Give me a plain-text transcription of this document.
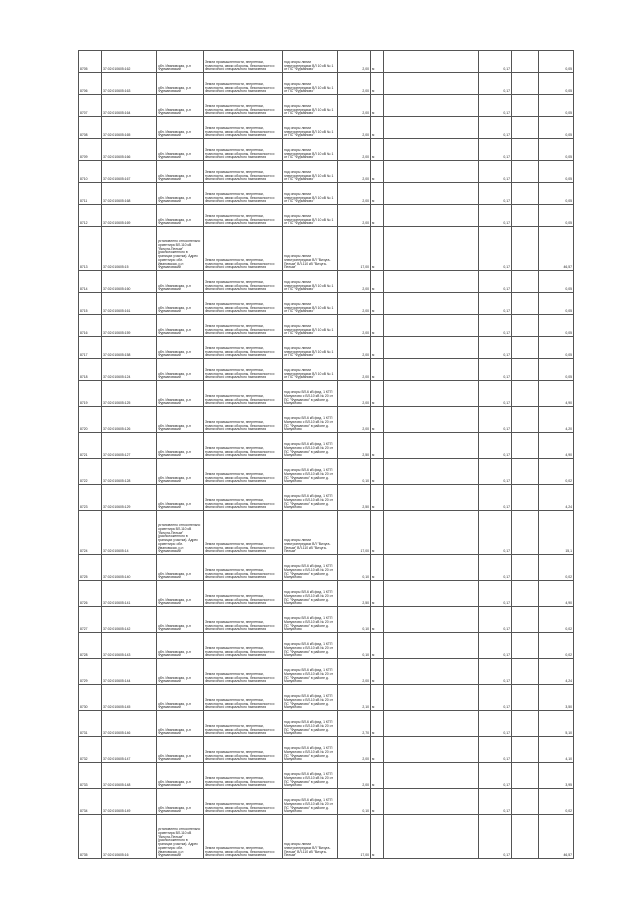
8705	37:02:010605:162	обл. Ивановская, р-н Фурмановский	Земли промышленности, энергетики, транспорта, связи обороны, безопасности и земли иного специального назначения	под опоры линии электропередачи ВЛ 10 кВ № 1 от ПС "Фурманово"	2,00	м		0,17		0,05
8706	37:02:010605:163	обл. Ивановская, р-н Фурмановский	Земли промышленности, энергетики, транспорта, связи обороны, безопасности и земли иного специального назначения	под опоры линии электропередачи ВЛ 10 кВ № 1 от ПС "Фурманово"	2,00	м		0,17		0,05
8707	37:02:010605:164	обл. Ивановская, р-н Фурмановский	Земли промышленности, энергетики, транспорта, связи обороны, безопасности и земли иного специального назначения	под опоры линии электропередачи ВЛ 10 кВ № 1 от ПС "Фурманово"	2,00	м		0,17		0,05
8708	37:02:010605:165	обл. Ивановская, р-н Фурмановский	Земли промышленности, энергетики, транспорта, связи обороны, безопасности и земли иного специального назначения	под опоры линии электропередачи ВЛ 10 кВ № 1 от ПС "Фурманово"	2,00	м		0,17		0,05
8709	37:02:010605:166	обл. Ивановская, р-н Фурмановский	Земли промышленности, энергетики, транспорта, связи обороны, безопасности и земли иного специального назначения	под опоры линии электропередачи ВЛ 10 кВ № 1 от ПС "Фурманово"	2,00	м		0,17		0,05
8710	37:02:010605:167	обл. Ивановская, р-н Фурмановский	Земли промышленности, энергетики, транспорта, связи обороны, безопасности и земли иного специального назначения	под опоры линии электропередачи ВЛ 10 кВ № 1 от ПС "Фурманово"	2,00	м		0,17		0,05
8711	37:02:010605:168	обл. Ивановская, р-н Фурмановский	Земли промышленности, энергетики, транспорта, связи обороны, безопасности и земли иного специального назначения	под опоры линии электропередачи ВЛ 10 кВ № 1 от ПС "Фурманово"	2,00	м		0,17		0,05
8712	37:02:010605:169	обл. Ивановская, р-н Фурмановский	Земли промышленности, энергетики, транспорта, связи обороны, безопасности и земли иного специального назначения	под опоры линии электропередачи ВЛ 10 кВ № 1 от ПС "Фурманово"	2,00	м		0,17		0,05
8713	37:02:010605:15	установлено относительно ориентира ВЛ-110 кВ "Вичуга-Пелым" (расположенного в границах участка). Адрес ориентира: обл. Ивановская, р-н Фурмановский	Земли промышленности, энергетики, транспорта, связи обороны, безопасности и земли иного специального назначения	под опоры линии электропередачи ВЛ "Вичуга-Пелым" ВЛ-110 кВ "Вичуга-Пелым"	17,00	м		0,17		46,57
8714	37:02:010605:160	обл. Ивановская, р-н Фурмановский	Земли промышленности, энергетики, транспорта, связи обороны, безопасности и земли иного специального назначения	под опоры линии электропередачи ВЛ 10 кВ № 1 от ПС "Фурманово"	2,00	м		0,17		0,05
8715	37:02:010605:161	обл. Ивановская, р-н Фурмановский	Земли промышленности, энергетики, транспорта, связи обороны, безопасности и земли иного специального назначения	под опоры линии электропередачи ВЛ 10 кВ № 1 от ПС "Фурманово"	2,00	м		0,17		0,05
8716	37:02:010605:159	обл. Ивановская, р-н Фурмановский	Земли промышленности, энергетики, транспорта, связи обороны, безопасности и земли иного специального назначения	под опоры линии электропередачи ВЛ 10 кВ № 1 от ПС "Фурманово"	2,00	м		0,17		0,05
8717	37:02:010605:158	обл. Ивановская, р-н Фурмановский	Земли промышленности, энергетики, транспорта, связи обороны, безопасности и земли иного специального назначения	под опоры линии электропередачи ВЛ 10 кВ № 1 от ПС "Фурманово"	2,00	м		0,17		0,05
8718	37:02:010605:124	обл. Ивановская, р-н Фурмановский	Земли промышленности, энергетики, транспорта, связи обороны, безопасности и земли иного специального назначения	под опоры линии электропередачи ВЛ 10 кВ № 1 от ПС "Фурманово"	2,00	м		0,17		0,05
8719	37:02:010605:125	обл. Ивановская, р-н Фурмановский	Земли промышленности, энергетики, транспорта, связи обороны, безопасности и земли иного специального назначения	под опоры ВЛ-6 кВ фид. 1 КТП Мануилово с ВЛ-10 кВ № 20 от ПС "Фурманово" в районе д. Мануилово	2,00	м		0,17		4,90
8720	37:02:010605:126	обл. Ивановская, р-н Фурмановский	Земли промышленности, энергетики, транспорта, связи обороны, безопасности и земли иного специального назначения	под опоры ВЛ-6 кВ фид. 1 КТП Мануилово с ВЛ-10 кВ № 20 от ПС "Фурманово" в районе д. Мануилово	2,00	м		0,17		4,20
8721	37:02:010605:127	обл. Ивановская, р-н Фурмановский	Земли промышленности, энергетики, транспорта, связи обороны, безопасности и земли иного специального назначения	под опоры ВЛ-6 кВ фид. 1 КТП Мануилово с ВЛ-10 кВ № 20 от ПС "Фурманово" в районе д. Мануилово	2,50	м		0,17		4,90
8722	37:02:010605:128	обл. Ивановская, р-н Фурмановский	Земли промышленности, энергетики, транспорта, связи обороны, безопасности и земли иного специального назначения	под опоры ВЛ-6 кВ фид. 1 КТП Мануилово с ВЛ-10 кВ № 20 от ПС "Фурманово" в районе д. Мануилово	0,10	м		0,17		0,02
8723	37:02:010605:129	обл. Ивановская, р-н Фурмановский	Земли промышленности, энергетики, транспорта, связи обороны, безопасности и земли иного специального назначения	под опоры ВЛ-6 кВ фид. 1 КТП Мануилово с ВЛ-10 кВ № 20 от ПС "Фурманово" в районе д. Мануилово	2,50	м		0,17		4,24
8724	37:02:010605:14	установлено относительно ориентира ВЛ-110 кВ "Вичуга-Пелым" (расположенного в границах участка). Адрес ориентира: обл. Ивановская, р-н Фурмановский	Земли промышленности, энергетики, транспорта, связи обороны, безопасности и земли иного специального назначения	под опоры линии электропередачи ВЛ "Вичуга-Пелым" ВЛ-110 кВ "Вичуга-Пелым"	17,00	м		0,17		15,1
8725	37:02:010605:140	обл. Ивановская, р-н Фурмановский	Земли промышленности, энергетики, транспорта, связи обороны, безопасности и земли иного специального назначения	под опоры ВЛ-6 кВ фид. 1 КТП Мануилово с ВЛ-10 кВ № 20 от ПС "Фурманово" в районе д. Мануилово	0,10	м		0,17		0,02
8726	37:02:010605:141	обл. Ивановская, р-н Фурмановский	Земли промышленности, энергетики, транспорта, связи обороны, безопасности и земли иного специального назначения	под опоры ВЛ-6 кВ фид. 1 КТП Мануилово с ВЛ-10 кВ № 20 от ПС "Фурманово" в районе д. Мануилово	2,50	м		0,17		4,90
8727	37:02:010605:142	обл. Ивановская, р-н Фурмановский	Земли промышленности, энергетики, транспорта, связи обороны, безопасности и земли иного специального назначения	под опоры ВЛ-6 кВ фид. 1 КТП Мануилово с ВЛ-10 кВ № 20 от ПС "Фурманово" в районе д. Мануилово	0,10	м		0,17		0,02
8728	37:02:010605:143	обл. Ивановская, р-н Фурмановский	Земли промышленности, энергетики, транспорта, связи обороны, безопасности и земли иного специального назначения	под опоры ВЛ-6 кВ фид. 1 КТП Мануилово с ВЛ-10 кВ № 20 от ПС "Фурманово" в районе д. Мануилово	0,10	м		0,17		0,02
8729	37:02:010605:144	обл. Ивановская, р-н Фурмановский	Земли промышленности, энергетики, транспорта, связи обороны, безопасности и земли иного специального назначения	под опоры ВЛ-6 кВ фид. 1 КТП Мануилово с ВЛ-10 кВ № 20 от ПС "Фурманово" в районе д. Мануилово	2,00	м		0,17		4,24
8730	37:02:010605:145	обл. Ивановская, р-н Фурмановский	Земли промышленности, энергетики, транспорта, связи обороны, безопасности и земли иного специального назначения	под опоры ВЛ-6 кВ фид. 1 КТП Мануилово с ВЛ-10 кВ № 20 от ПС "Фурманово" в районе д. Мануилово	2,10	м		0,17		3,50
8731	37:02:010605:146	обл. Ивановская, р-н Фурмановский	Земли промышленности, энергетики, транспорта, связи обороны, безопасности и земли иного специального назначения	под опоры ВЛ-6 кВ фид. 1 КТП Мануилово с ВЛ-10 кВ № 20 от ПС "Фурманово" в районе д. Мануилово	2,70	м		0,17		5,10
8732	37:02:010605:147	обл. Ивановская, р-н Фурмановский	Земли промышленности, энергетики, транспорта, связи обороны, безопасности и земли иного специального назначения	под опоры ВЛ-6 кВ фид. 1 КТП Мануилово с ВЛ-10 кВ № 20 от ПС "Фурманово" в районе д. Мануилово	2,00	м		0,17		4,10
8733	37:02:010605:148	обл. Ивановская, р-н Фурмановский	Земли промышленности, энергетики, транспорта, связи обороны, безопасности и земли иного специального назначения	под опоры ВЛ-6 кВ фид. 1 КТП Мануилово с ВЛ-10 кВ № 20 от ПС "Фурманово" в районе д. Мануилово	2,00	м		0,17		3,95
8734	37:02:010605:149	обл. Ивановская, р-н Фурмановский	Земли промышленности, энергетики, транспорта, связи обороны, безопасности и земли иного специального назначения	под опоры ВЛ-6 кВ фид. 1 КТП Мануилово с ВЛ-10 кВ № 20 от ПС "Фурманово" в районе д. Мануилово	0,10	м		0,17		0,02
8735	37:02:010605:16	установлено относительно ориентира ВЛ-110 кВ "Вичуга-Пелым" (расположенного в границах участка). Адрес ориентира: обл. Ивановская, р-н Фурмановский	Земли промышленности, энергетики, транспорта, связи обороны, безопасности и земли иного специального назначения	под опоры линии электропередачи ВЛ "Вичуга-Пелым" ВЛ-110 кВ "Вичуга-Пелым"	17,00	м		0,17		46,57
